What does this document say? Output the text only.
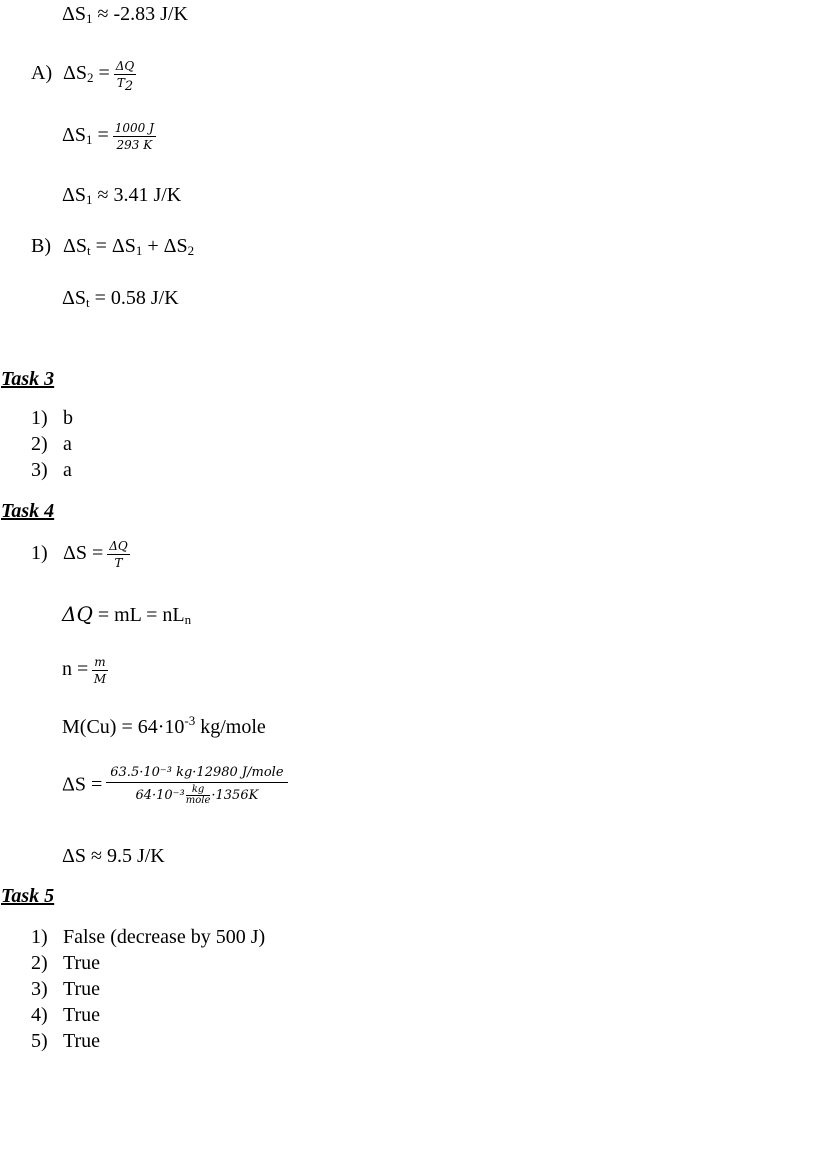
$\Delta S_1 \approx -2.83$ J/K
A) $\Delta S_2 = \frac{\Delta Q}{T_2}$
$\Delta S_1 = \frac{1000 J}{293 K}$
$\Delta S_1 \approx 3.41$ J/K
B) $\Delta S_t = \Delta S_1 + \Delta S_2$
$\Delta S_t = 0.58$ J/K
Task 3
1) b
2) a
3) a
Task 4
1) $\Delta S = \frac{\Delta Q}{T}$
ΔQ = mL = $nL_n$
$n = \frac{m}{M}$
$M(Cu) = 64\cdot 10^{-3}$ kg/mole
ΔS = 63.5·10⁻³ kg·12980 J/mole
64·10⁻³ kg
mole ·1356K
ΔS ≈ 9.5 J/K
Task 5
1) False (decrease by 500 J)
2) True
3) True
4) True
5) True
